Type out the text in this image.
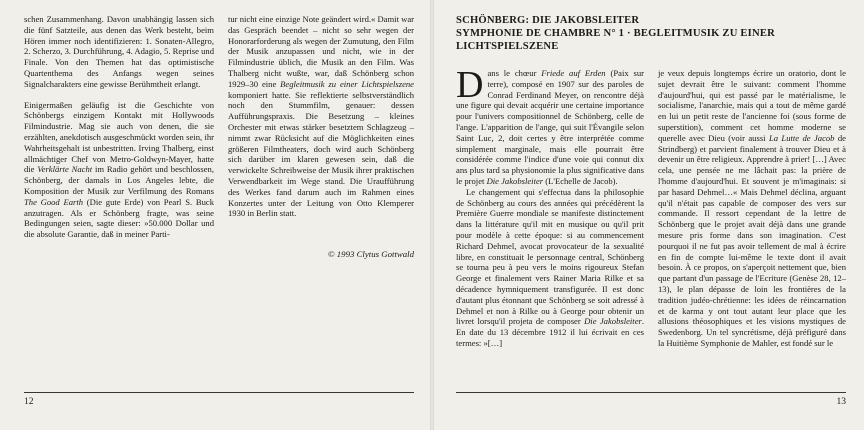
schen Zusammenhang. Davon unabhängig lassen sich die fünf Satzteile, aus denen das Werk besteht, beim Hören immer noch identifizieren: 1. Sonaten-Allegro, 2. Scherzo, 3. Durchführung, 4. Adagio, 5. Reprise und Finale. Von den Themen hat das optimistische Quartenthema des Anfangs wegen seines Signalcharakters eine gewisse Berühmtheit erlangt.

Einigermaßen geläufig ist die Geschichte von Schönbergs einzigem Kontakt mit Hollywoods Filmindustrie. Mag sie auch von denen, die sie erzählten, anekdotisch ausgeschmückt worden sein, ihr Wahrheitsgehalt ist unbestritten. Irving Thalberg, einst allmächtiger Chef von Metro-Goldwyn-Mayer, hatte die Verklärte Nacht im Radio gehört und beschlossen, Schönberg, der damals in Los Angeles lebte, die Komposition der Musik zur Verfilmung des Romans The Good Earth (Die gute Erde) von Pearl S. Buck anzutragen. Als er Schönberg fragte, was seine Bedingungen seien, sagte dieser: »50.000 Dollar und die absolute Garantie, daß in meiner Parti-

tur nicht eine einzige Note geändert wird.« Damit war das Gespräch beendet – nicht so sehr wegen der Honorarforderung als wegen der Zumutung, den Film der Musik anzupassen und nicht, wie in der Filmindustrie üblich, die Musik an den Film. Was Thalberg nicht wußte, war, daß Schönberg schon 1929–30 eine Begleitmusik zu einer Lichtspielszene komponiert hatte. Sie reflektierte selbstverständlich noch den Stummfilm, genauer: dessen Aufführungspraxis. Die Besetzung – kleines Orchester mit etwas stärker besetztem Schlagzeug – nimmt zwar Rücksicht auf die Möglichkeiten eines größeren Filmtheaters, doch wird auch Schönberg sich darüber im klaren gewesen sein, daß die verwickelte Schreibweise der Musik ihrer praktischen Verwendbarkeit im Wege stand. Die Uraufführung des Werkes fand darum auch im Rahmen eines Konzertes unter der Leitung von Otto Klemperer 1930 in Berlin statt.

© 1993 Clytus Gottwald
12
SCHÖNBERG: DIE JAKOBSLEITER
SYMPHONIE DE CHAMBRE N° 1 · BEGLEITMUSIK ZU EINER LICHTSPIELSZENE

Dans le chœur Friede auf Erden (Paix sur terre), composé en 1907 sur des paroles de Conrad Ferdinand Meyer, on rencontre déjà une figure qui devait acquérir une certaine importance pour l'univers compositionnel de Schönberg, celle de l'ange. L'apparition de l'ange, qui suit l'Évangile selon Saint Luc, 2, doit certes y être interprétée comme simplement marginale, mais elle pourrait être considérée comme l'indice d'une voie qui connut dix ans plus tard sa physionomie la plus significative dans le projet Die Jakobsleiter (L'Echelle de Jacob).

Le changement qui s'effectua dans la philosophie de Schönberg au cours des années qui précédèrent la Première Guerre mondiale se manifeste distinctement dans la littérature qu'il mit en musique ou qu'il prit pour modèle à cette époque: si au commencement Richard Dehmel, avocat provocateur de la sexualité libre, en constituait le personnage central, Schönberg se tourna peu à peu vers le moins rigoureux Stefan George et finalement vers Rainer Maria Rilke et sa décadence hymniquement transfigurée. Il est donc d'autant plus étonnant que Schönberg se soit adressé à Dehmel et non à Rilke ou à George pour obtenir un livret lorsqu'il projeta de composer Die Jakobsleiter. En date du 13 décembre 1912 il lui écrivait en ces termes: »[…]

je veux depuis longtemps écrire un oratorio, dont le sujet devrait être le suivant: comment l'homme d'aujourd'hui, qui est passé par le matérialisme, le socialisme, l'anarchie, mais qui a tout de même gardé en lui un petit reste de l'ancienne foi (sous forme de superstition), comment cet homme moderne se querelle avec Dieu (voir aussi La Lutte de Jacob de Strindberg) et parvient finalement à trouver Dieu et à devenir un être religieux. Apprendre à prier! […] Avec cela, une pensée ne me lâchait pas: la prière de l'homme d'aujourd'hui. Et souvent je m'imaginais: si par hasard Dehmel…« Mais Dehmel déclina, arguant qu'il n'était pas capable de composer des vers sur commande. Il ressort cependant de la lettre de Schönberg que le projet avait déjà dans une grande mesure pris forme dans son imagination. C'est pourquoi il ne fut pas avoir tellement de mal à écrire en fin de compte lui-même le texte dont il avait besoin. À ce propos, on s'aperçoit nettement que, bien que partant d'un passage de l'Ecriture (Genèse 28, 12–13), le plan dépasse de loin les frontières de la tradition judéo-chrétienne: les idées de réincarnation et de karma y ont tout autant leur place que les allusions théosophiques et les visions mystiques de Swedenborg. Un tel syncrétisme, déjà préfiguré dans la Huitième Symphonie de Mahler, est fondé sur le

13
